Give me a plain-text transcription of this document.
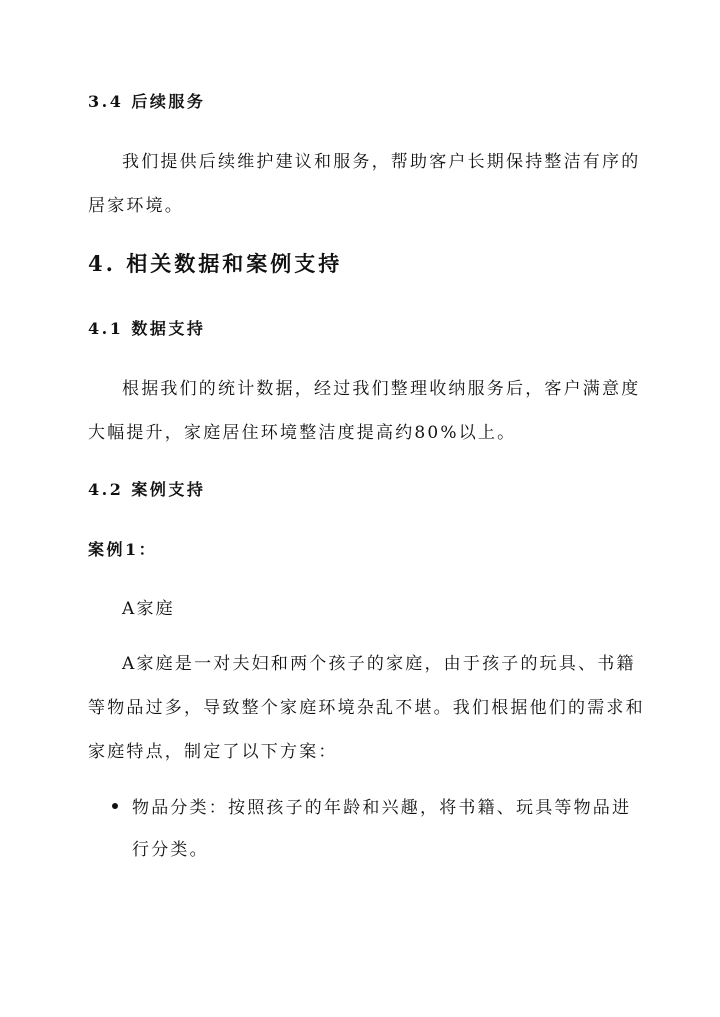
3.4 后续服务
我们提供后续维护建议和服务，帮助客户长期保持整洁有序的
居家环境。
4. 相关数据和案例支持
4.1 数据支持
根据我们的统计数据，经过我们整理收纳服务后，客户满意度
大幅提升，家庭居住环境整洁度提高约80%以上。
4.2 案例支持
案例1：
A家庭
A家庭是一对夫妇和两个孩子的家庭，由于孩子的玩具、书籍
等物品过多，导致整个家庭环境杂乱不堪。我们根据他们的需求和
家庭特点，制定了以下方案：
物品分类：按照孩子的年龄和兴趣，将书籍、玩具等物品进
行分类。
